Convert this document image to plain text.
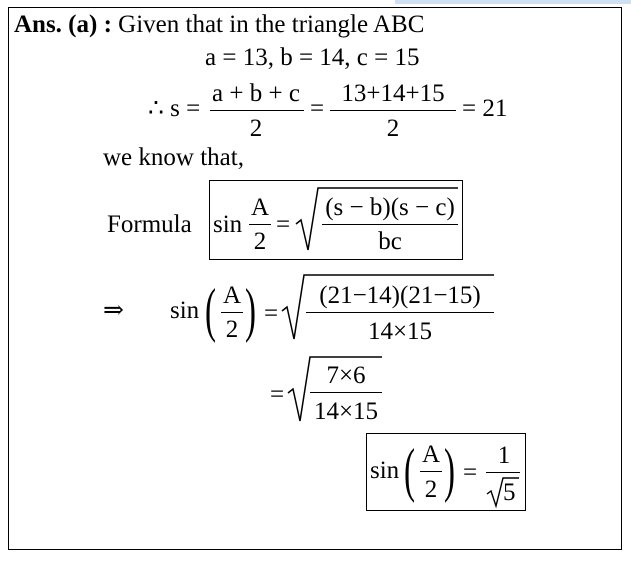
Ans. (a) : Given that in the triangle ABC
a = 13, b = 14, c = 15
∴ s =
a + b + c
2
=
13+14+15
2
= 21
we know that,
Formula sin
A
2
=
(s − b)(s − c)
bc
⇒ sin ( A
2 ) =
(21−14)(21−15)
14×15
=
7×6
14×15
sin ( A
2 ) =
1
5
